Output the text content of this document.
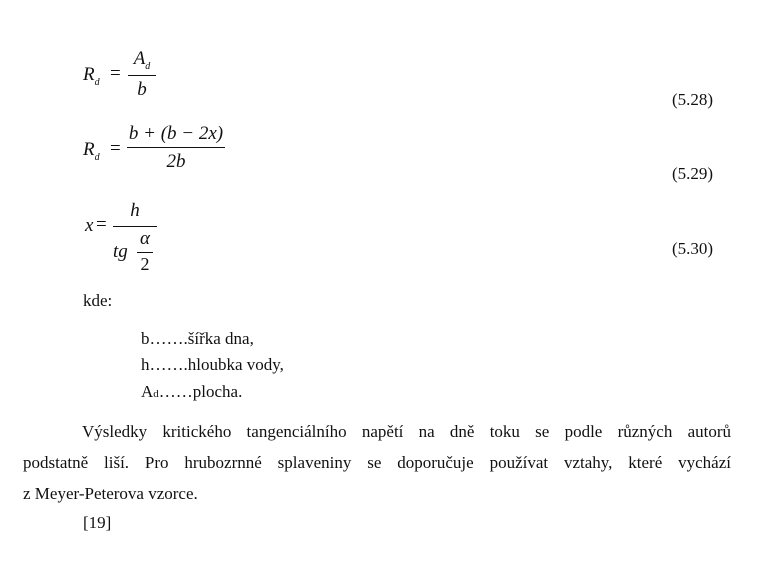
$R_d$ =
$A_d$
b	(5.28)
$R_d$ =
b + (b − 2x)
2b
(5.29)
x =
h
tg
α
2
(5.30)
kde:
b…….šířka dna,
h…….hloubka vody,
Ad……plocha.
Výsledky kritického tangenciálního napětí na dně toku se podle různých autorů
podstatně liší. Pro hrubozrnné splaveniny se doporučuje používat vztahy, které vychází
z Meyer-Peterova vzorce.
[19]
